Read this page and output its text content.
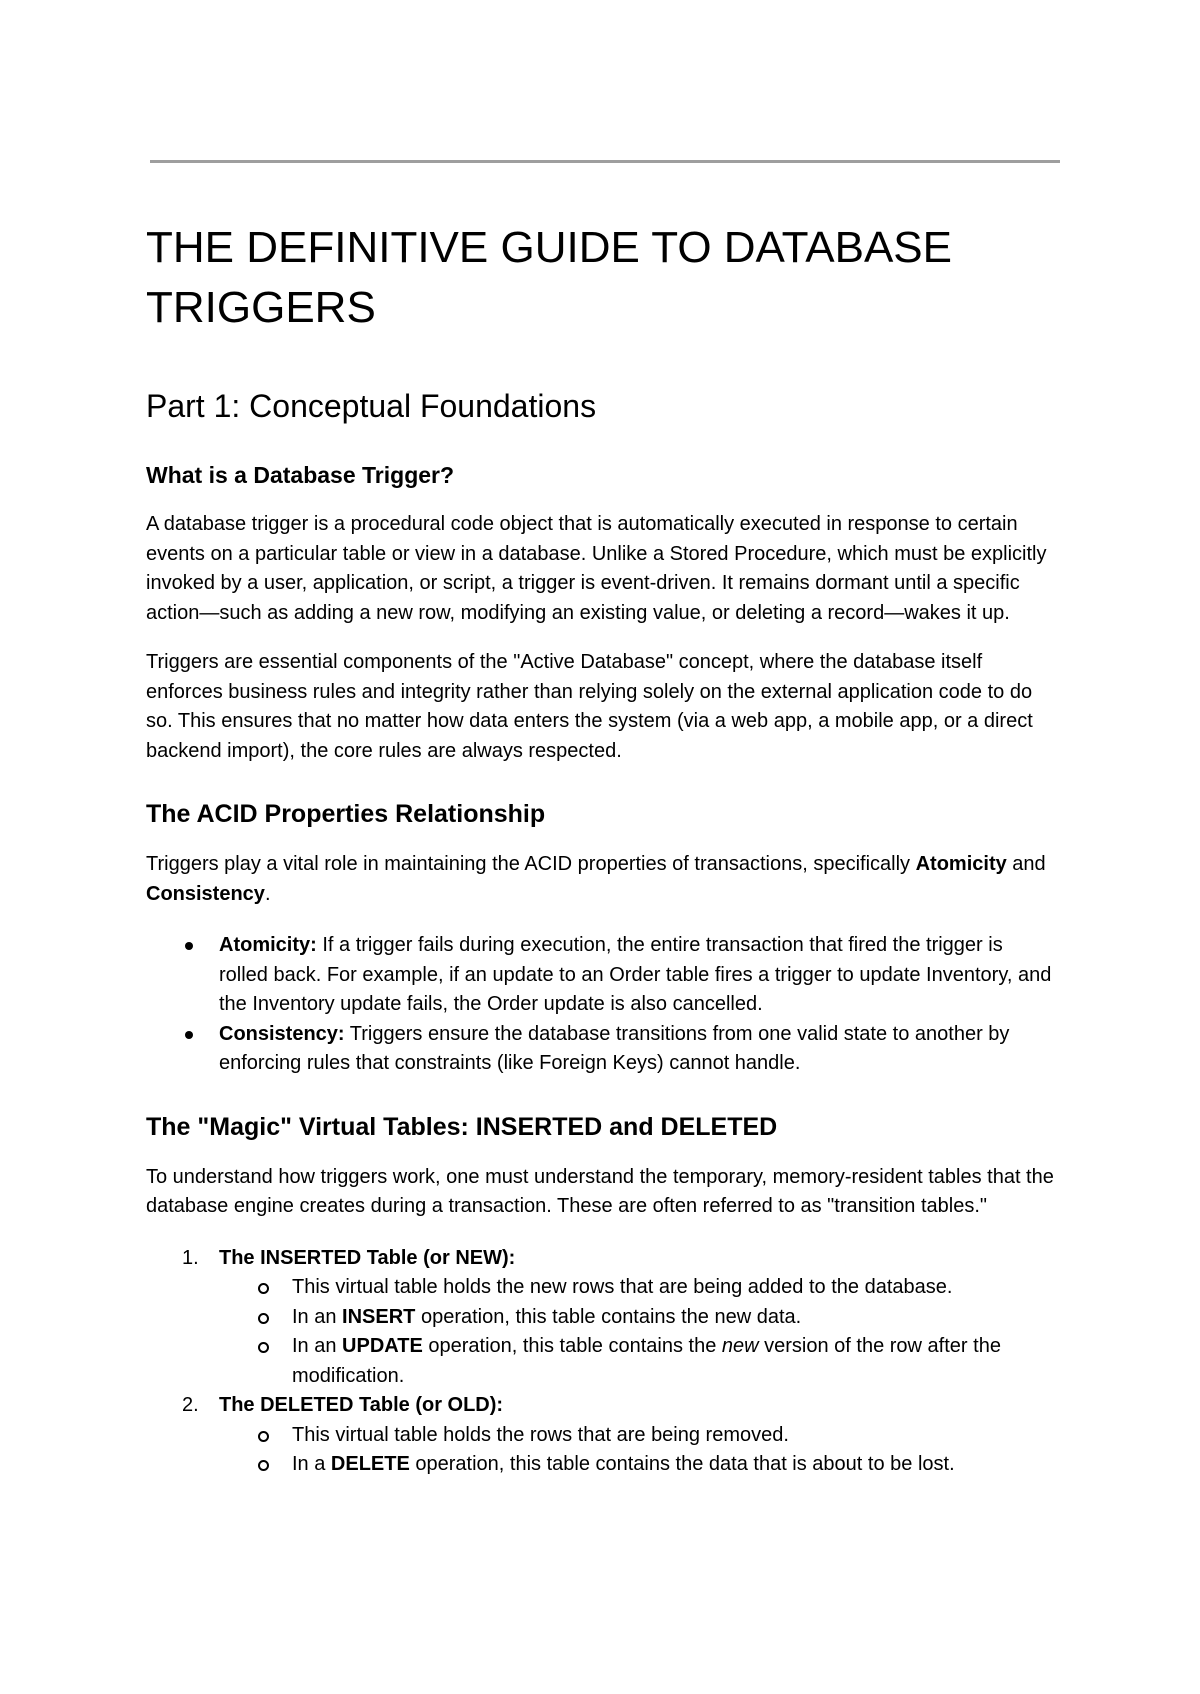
THE DEFINITIVE GUIDE TO DATABASE TRIGGERS
Part 1: Conceptual Foundations
What is a Database Trigger?

A database trigger is a procedural code object that is automatically executed in response to certain events on a particular table or view in a database. Unlike a Stored Procedure, which must be explicitly invoked by a user, application, or script, a trigger is event-driven. It remains dormant until a specific action—such as adding a new row, modifying an existing value, or deleting a record—wakes it up.

Triggers are essential components of the "Active Database" concept, where the database itself enforces business rules and integrity rather than relying solely on the external application code to do so. This ensures that no matter how data enters the system (via a web app, a mobile app, or a direct backend import), the core rules are always respected.

The ACID Properties Relationship

Triggers play a vital role in maintaining the ACID properties of transactions, specifically Atomicity and Consistency.

Atomicity: If a trigger fails during execution, the entire transaction that fired the trigger is rolled back. For example, if an update to an Order table fires a trigger to update Inventory, and the Inventory update fails, the Order update is also cancelled.
Consistency: Triggers ensure the database transitions from one valid state to another by enforcing rules that constraints (like Foreign Keys) cannot handle.
The "Magic" Virtual Tables: INSERTED and DELETED

To understand how triggers work, one must understand the temporary, memory-resident tables that the database engine creates during a transaction. These are often referred to as "transition tables."

1. The INSERTED Table (or NEW):
This virtual table holds the new rows that are being added to the database.
In an INSERT operation, this table contains the new data.
In an UPDATE operation, this table contains the new version of the row after the modification.
2. The DELETED Table (or OLD):
This virtual table holds the rows that are being removed.
In a DELETE operation, this table contains the data that is about to be lost.
